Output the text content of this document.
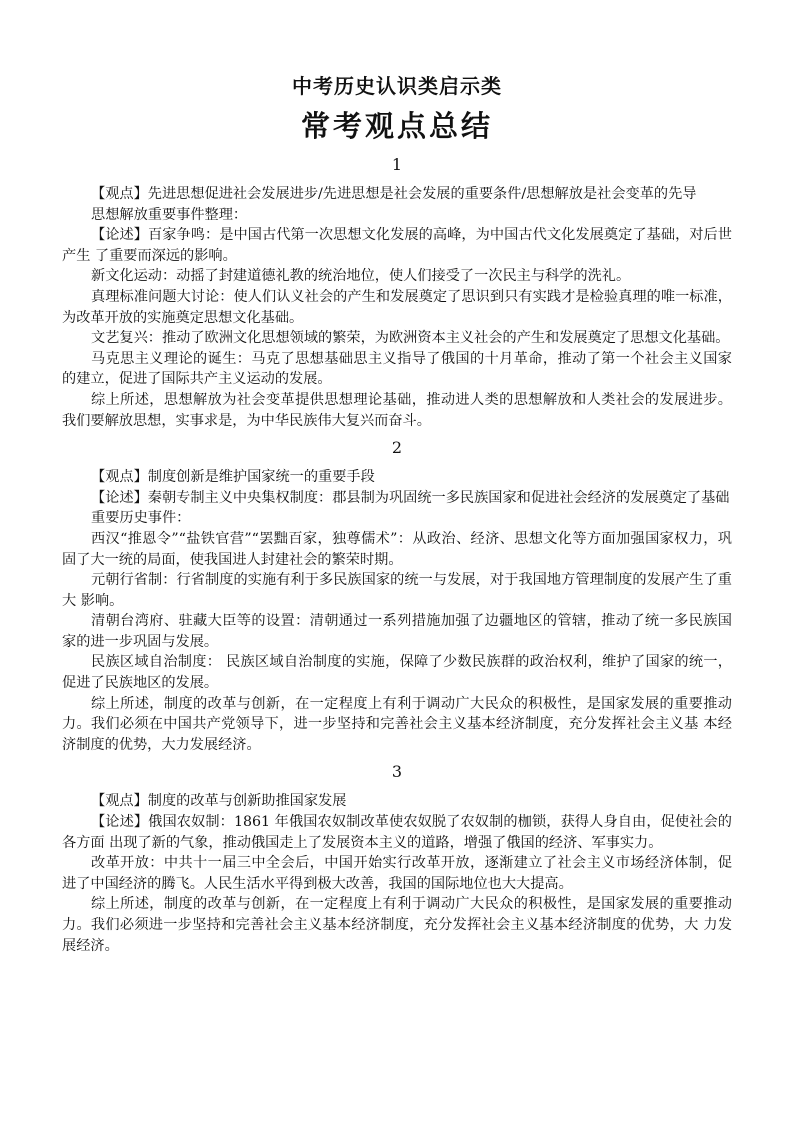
中考历史认识类启示类
常考观点总结
1

【观点】先进思想促进社会发展进步/先进思想是社会发展的重要条件/思想解放是社会变革的先导

思想解放重要事件整理：

【论述】百家争鸣：是中国古代第一次思想文化发展的高峰，为中国古代文化发展奠定了基础，对后世产生 了重要而深远的影响。

新文化运动：动摇了封建道德礼教的统治地位，使人们接受了一次民主与科学的洗礼。

真理标准问题大讨论：使人们认义社会的产生和发展奠定了思识到只有实践才是检验真理的唯一标准，为改革开放的实施奠定思想文化基础。

文艺复兴：推动了欧洲文化思想领域的繁荣，为欧洲资本主义社会的产生和发展奠定了思想文化基础。

马克思主义理论的诞生：马克了思想基础思主义指导了俄国的十月革命，推动了第一个社会主义国家 的建立，促进了国际共产主义运动的发展。

综上所述，思想解放为社会变革提供思想理论基础，推动进人类的思想解放和人类社会的发展进步。 我们要解放思想，实事求是，为中华民族伟大复兴而奋斗。

2

【观点】制度创新是维护国家统一的重要手段

【论述】秦朝专制主义中央集权制度：郡县制为巩固统一多民族国家和促进社会经济的发展奠定了基础

重要历史事件：

西汉“推恩令”“盐铁官营”“罢黜百家，独尊儒术”：从政治、经济、思想文化等方面加强国家权力，巩 固了大一统的局面，使我国进人封建社会的繁荣时期。

元朝行省制：行省制度的实施有利于多民族国家的统一与发展，对于我国地方管理制度的发展产生了重大 影响。

清朝台湾府、驻藏大臣等的设置：清朝通过一系列措施加强了边疆地区的管辖，推动了统一多民族国 家的进一步巩固与发展。

民族区域自治制度： 民族区域自治制度的实施，保障了少数民族群的政治权利，维护了国家的统一， 促进了民族地区的发展。

综上所述，制度的改革与创新，在一定程度上有利于调动广大民众的积极性，是国家发展的重要推动 力。我们必须在中国共产党领导下，进一步坚持和完善社会主义基本经济制度，充分发挥社会主义基 本经济制度的优势，大力发展经济。

3

【观点】制度的改革与创新助推国家发展

【论述】俄国农奴制：1861 年俄国农奴制改革使农奴脱了农奴制的枷锁，获得人身自由，促使社会的各方面 出现了新的气象，推动俄国走上了发展资本主义的道路，增强了俄国的经济、军事实力。

改革开放：中共十一届三中全会后，中国开始实行改革开放，逐渐建立了社会主义市场经济体制，促 进了中国经济的腾飞。人民生活水平得到极大改善，我国的国际地位也大大提高。

综上所述，制度的改革与创新，在一定程度上有利于调动广大民众的积极性，是国家发展的重要推动 力。我们必须进一步坚持和完善社会主义基本经济制度，充分发挥社会主义基本经济制度的优势，大 力发展经济。
